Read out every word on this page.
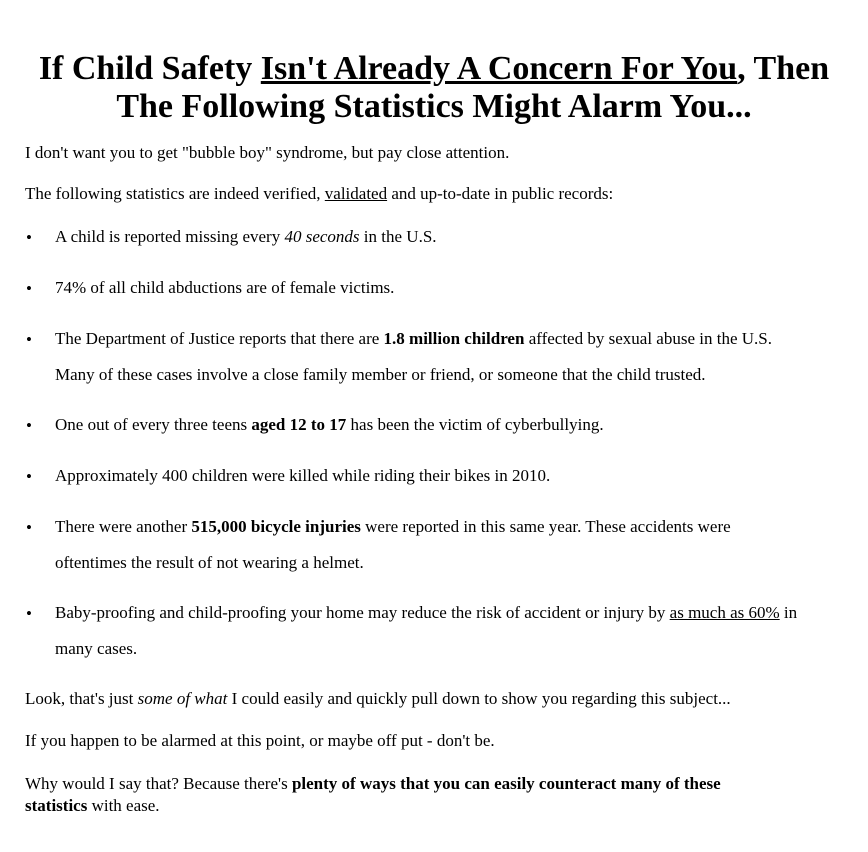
If Child Safety Isn't Already A Concern For You, Then
The Following Statistics Might Alarm You...
I don't want you to get "bubble boy" syndrome, but pay close attention.
The following statistics are indeed verified, validated and up-to-date in public records:
• A child is reported missing every 40 seconds in the U.S.
• 74% of all child abductions are of female victims.
• The Department of Justice reports that there are 1.8 million children affected by sexual abuse in the U.S.
Many of these cases involve a close family member or friend, or someone that the child trusted.
• One out of every three teens aged 12 to 17 has been the victim of cyberbullying.
• Approximately 400 children were killed while riding their bikes in 2010.
• There were another 515,000 bicycle injuries were reported in this same year. These accidents were
oftentimes the result of not wearing a helmet.
• Baby-proofing and child-proofing your home may reduce the risk of accident or injury by as much as 60% in
many cases.
Look, that's just some of what I could easily and quickly pull down to show you regarding this subject...
If you happen to be alarmed at this point, or maybe off put - don't be.
Why would I say that? Because there's plenty of ways that you can easily counteract many of these
statistics with ease.
